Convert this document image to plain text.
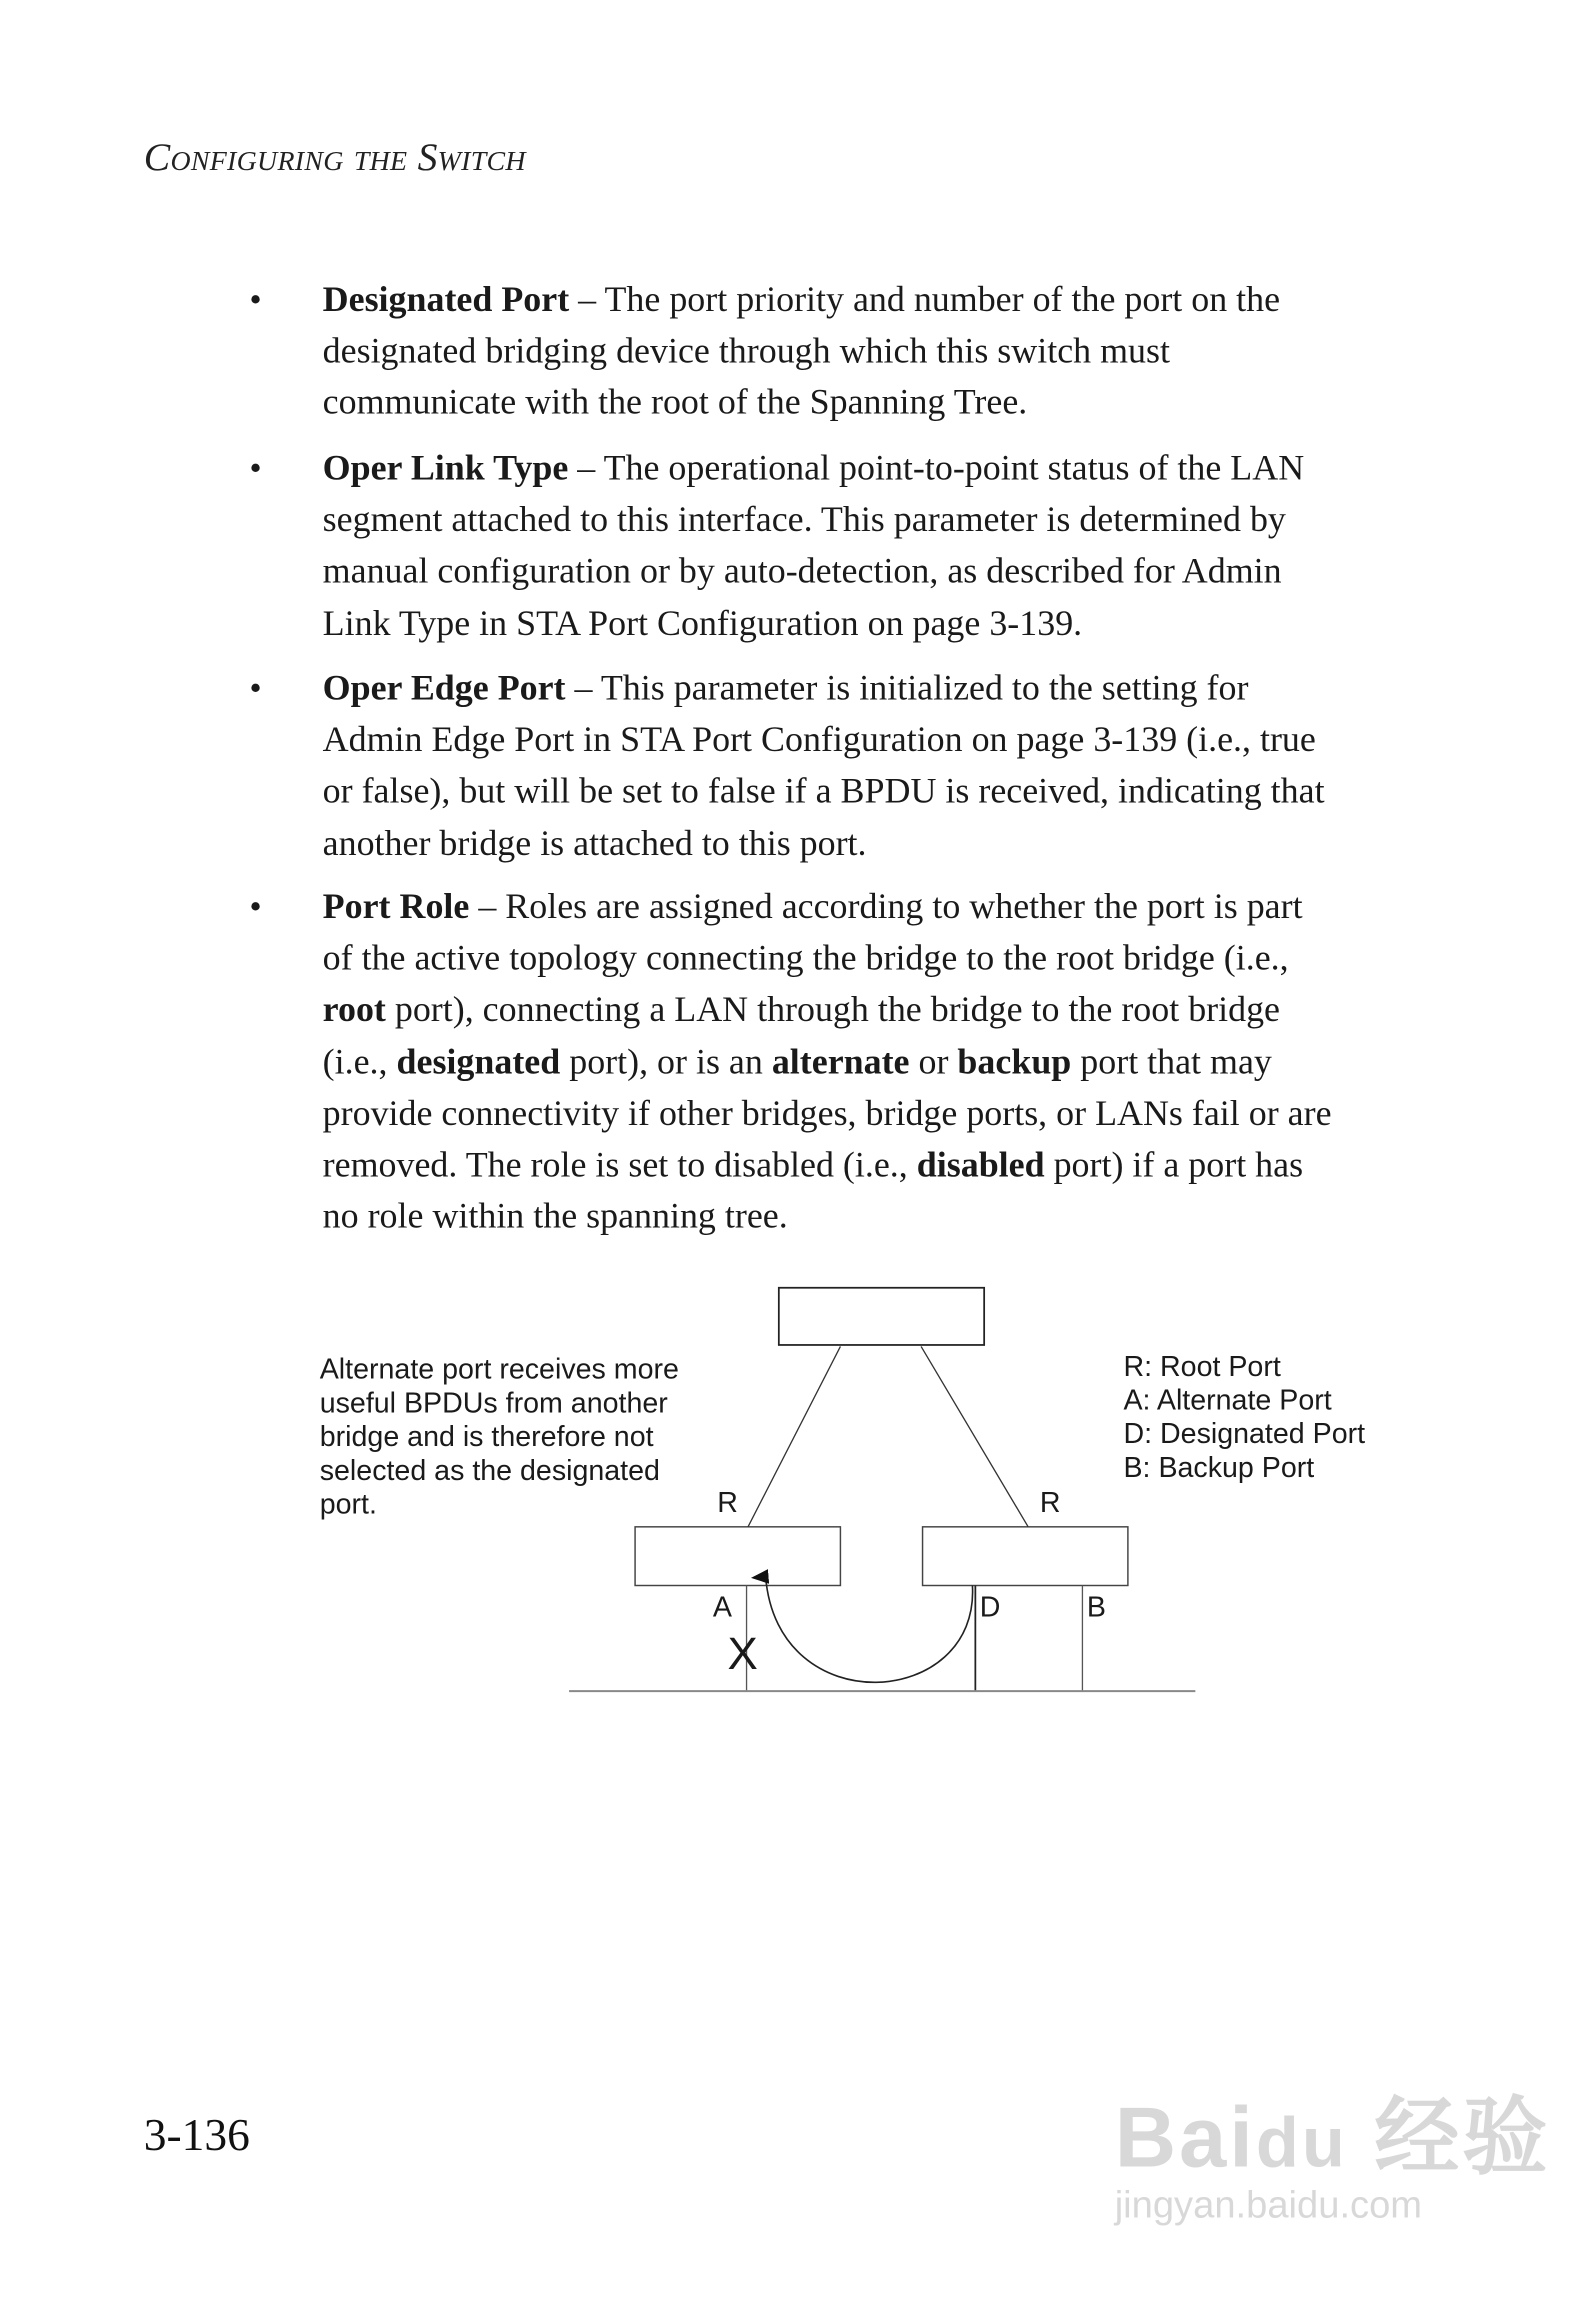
Configuring the Switch
• Designated Port – The port priority and number of the port on the
designated bridging device through which this switch must
communicate with the root of the Spanning Tree.
• Oper Link Type – The operational point-to-point status of the LAN
segment attached to this interface. This parameter is determined by
manual configuration or by auto-detection, as described for Admin
Link Type in STA Port Configuration on page 3-139.
• Oper Edge Port – This parameter is initialized to the setting for
Admin Edge Port in STA Port Configuration on page 3-139 (i.e., true
or false), but will be set to false if a BPDU is received, indicating that
another bridge is attached to this port.
• Port Role – Roles are assigned according to whether the port is part
of the active topology connecting the bridge to the root bridge (i.e.,
root port), connecting a LAN through the bridge to the root bridge
(i.e., designated port), or is an alternate or backup port that may
provide connectivity if other bridges, bridge ports, or LANs fail or are
removed. The role is set to disabled (i.e., disabled port) if a port has
no role within the spanning tree.
R	R
A	D	B
X
Alternate port receives more
useful BPDUs from another
bridge and is therefore not
selected as the designated
port.
R: Root Port
A: Alternate Port
D: Designated Port
B: Backup Port
3-136	Baidu 经验
jingyan.baidu.com
